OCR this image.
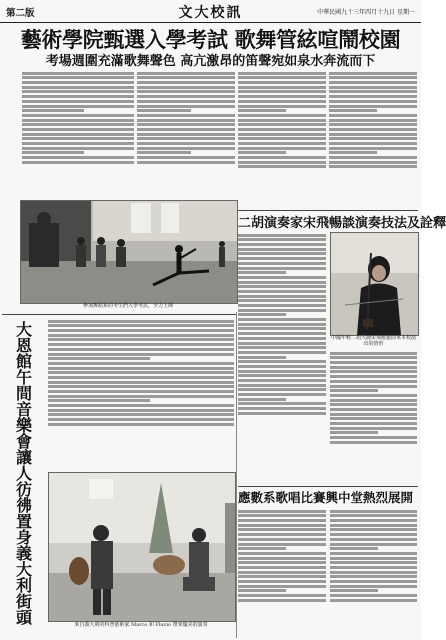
第二版	文大校訊	中華民國九十三年四月十九日 星期一
藝術學院甄選入學考試 歌舞管絃喧鬧校園
考場週圍充滿歌舞聲色 高亢激昂的笛聲宛如泉水奔流而下
參加舞蹈系的考生們入學考試，全力上陣
二胡演奏家宋飛暢談演奏技法及詮釋
中國年輕二胡大師宋飛應邀前來本校演出的情形
大
恩
館
午
間
音
樂
會
讓
人
彷
彿
置
身
義
大
利
街
頭	來自義大利的科普藝術家 Marco 和 Flavio 帶來優美的演奏
應數系歌唱比賽興中堂熱烈展開
